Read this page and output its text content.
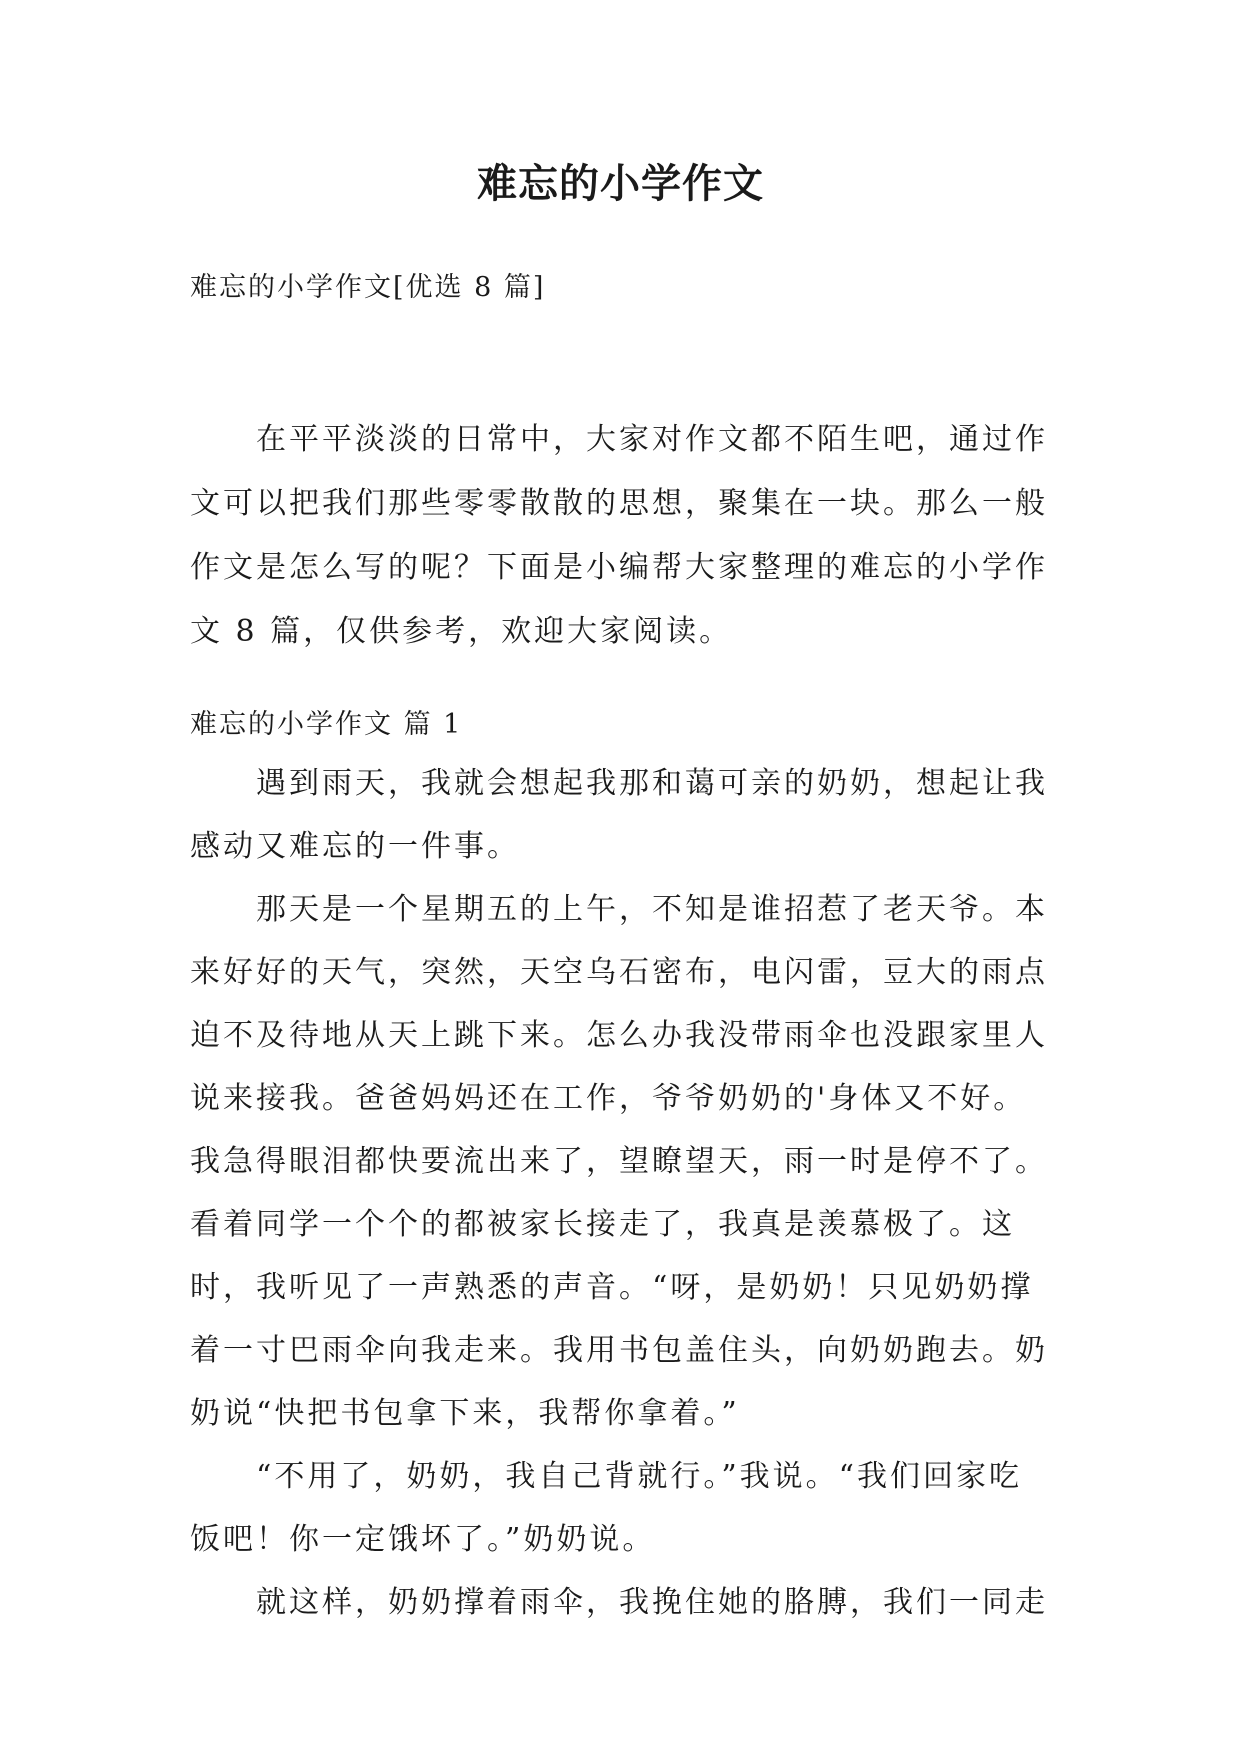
难忘的小学作文
难忘的小学作文[优选 8 篇]

在平平淡淡的日常中，大家对作文都不陌生吧，通过作文可以把我们那些零零散散的思想，聚集在一块。那么一般作文是怎么写的呢？下面是小编帮大家整理的难忘的小学作文 8 篇，仅供参考，欢迎大家阅读。

难忘的小学作文 篇 1

遇到雨天，我就会想起我那和蔼可亲的奶奶，想起让我感动又难忘的一件事。

那天是一个星期五的上午，不知是谁招惹了老天爷。本来好好的天气，突然，天空乌石密布，电闪雷，豆大的雨点迫不及待地从天上跳下来。怎么办我没带雨伞也没跟家里人说来接我。爸爸妈妈还在工作，爷爷奶奶的'身体又不好。我急得眼泪都快要流出来了，望瞭望天，雨一时是停不了。看着同学一个个的都被家长接走了，我真是羡慕极了。这时，我听见了一声熟悉的声音。“呀，是奶奶！只见奶奶撑着一寸巴雨伞向我走来。我用书包盖住头，向奶奶跑去。奶奶说“快把书包拿下来，我帮你拿着。”

“不用了，奶奶，我自己背就行。”我说。“我们回家吃饭吧！你一定饿坏了。”奶奶说。

就这样，奶奶撑着雨伞，我挽住她的胳膊，我们一同走
